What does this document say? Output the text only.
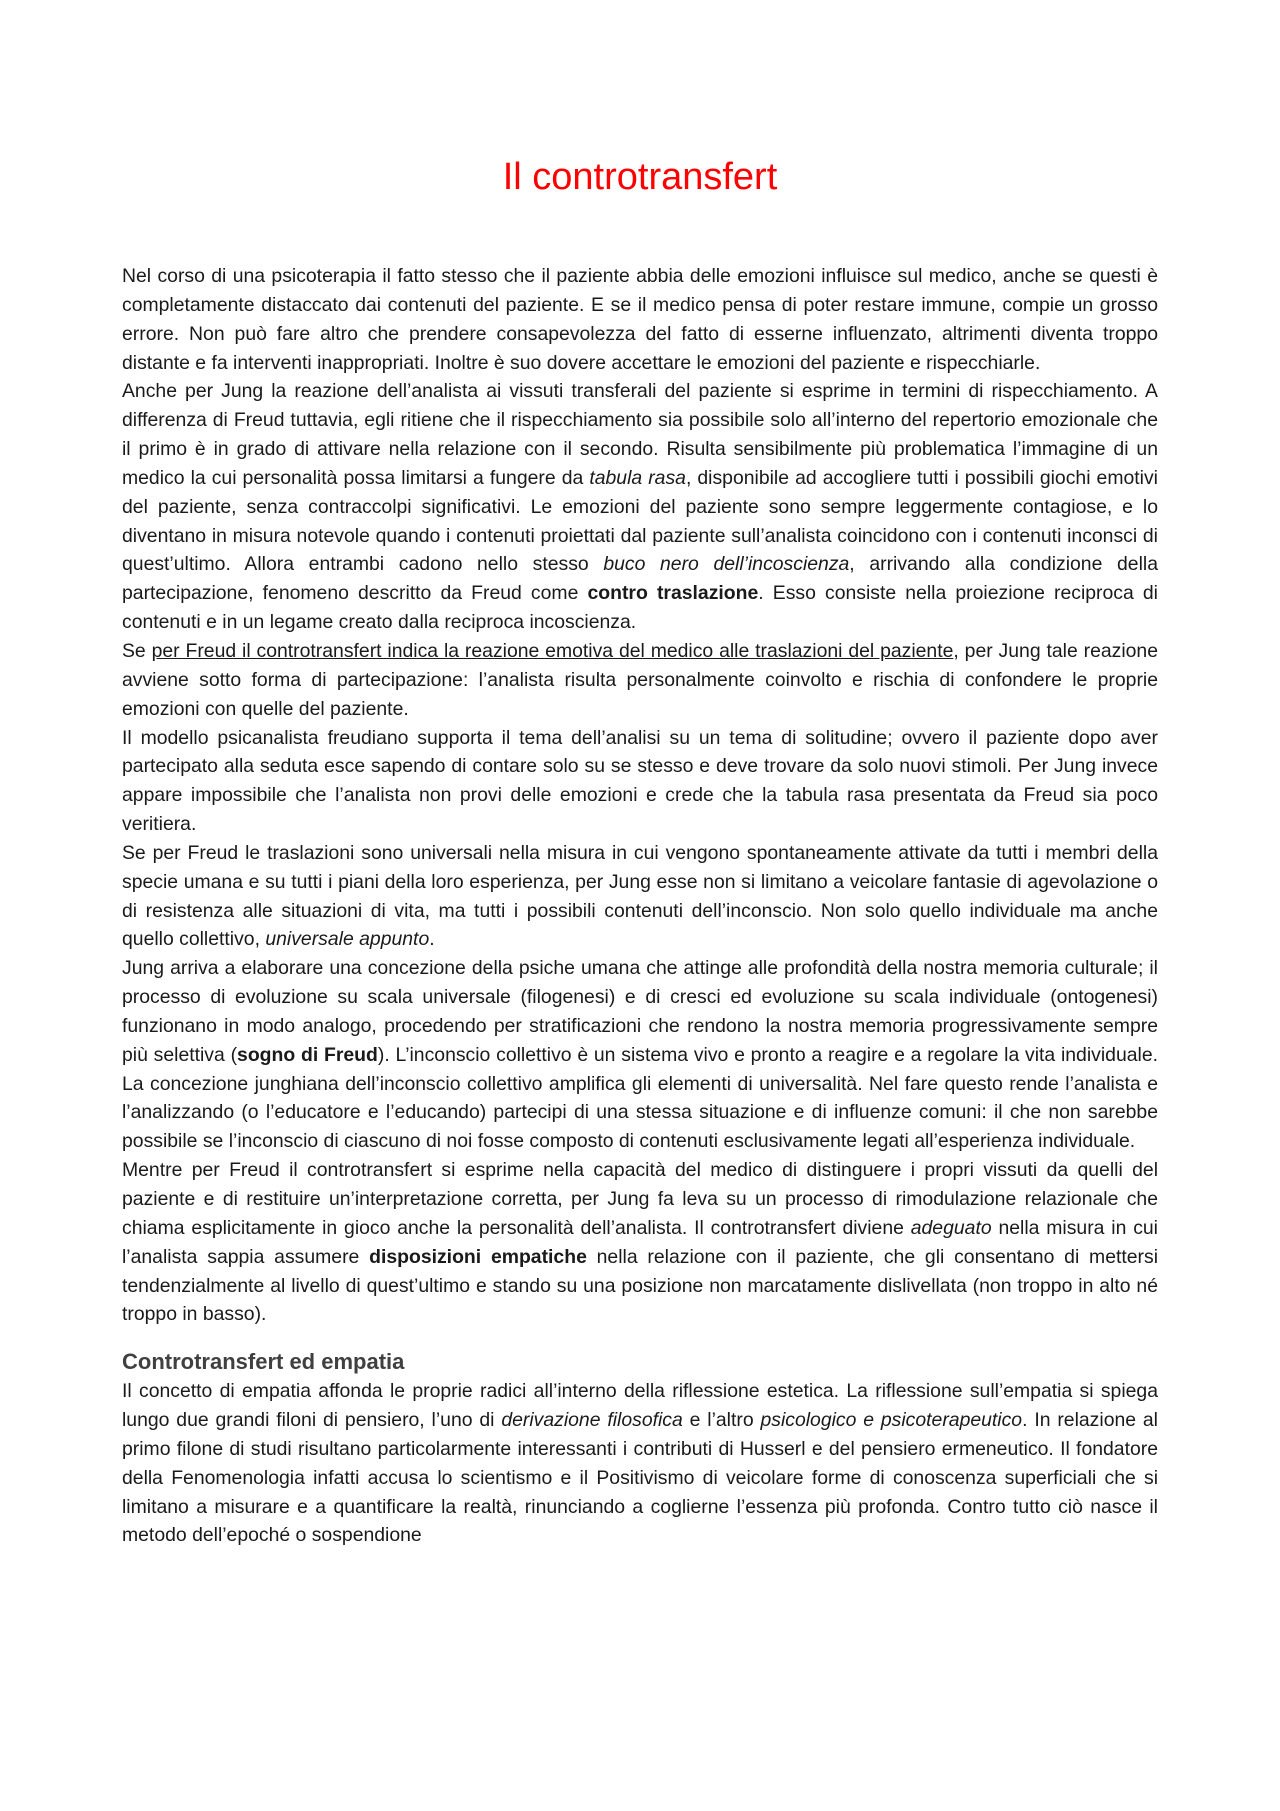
Il controtransfert

Nel corso di una psicoterapia il fatto stesso che il paziente abbia delle emozioni influisce sul medico, anche se questi è completamente distaccato dai contenuti del paziente. E se il medico pensa di poter restare immune, compie un grosso errore. Non può fare altro che prendere consapevolezza del fatto di esserne influenzato, altrimenti diventa troppo distante e fa interventi inappropriati. Inoltre è suo dovere accettare le emozioni del paziente e rispecchiarle.

Anche per Jung la reazione dell’analista ai vissuti transferali del paziente si esprime in termini di rispecchiamento. A differenza di Freud tuttavia, egli ritiene che il rispecchiamento sia possibile solo all’interno del repertorio emozionale che il primo è in grado di attivare nella relazione con il secondo. Risulta sensibilmente più problematica l’immagine di un medico la cui personalità possa limitarsi a fungere da tabula rasa, disponibile ad accogliere tutti i possibili giochi emotivi del paziente, senza contraccolpi significativi. Le emozioni del paziente sono sempre leggermente contagiose, e lo diventano in misura notevole quando i contenuti proiettati dal paziente sull’analista coincidono con i contenuti inconsci di quest’ultimo. Allora entrambi cadono nello stesso buco nero dell’incoscienza, arrivando alla condizione della partecipazione, fenomeno descritto da Freud come contro traslazione. Esso consiste nella proiezione reciproca di contenuti e in un legame creato dalla reciproca incoscienza.

Se per Freud il controtransfert indica la reazione emotiva del medico alle traslazioni del paziente, per Jung tale reazione avviene sotto forma di partecipazione: l’analista risulta personalmente coinvolto e rischia di confondere le proprie emozioni con quelle del paziente.

Il modello psicanalista freudiano supporta il tema dell’analisi su un tema di solitudine; ovvero il paziente dopo aver partecipato alla seduta esce sapendo di contare solo su se stesso e deve trovare da solo nuovi stimoli. Per Jung invece appare impossibile che l’analista non provi delle emozioni e crede che la tabula rasa presentata da Freud sia poco veritiera.

Se per Freud le traslazioni sono universali nella misura in cui vengono spontaneamente attivate da tutti i membri della specie umana e su tutti i piani della loro esperienza, per Jung esse non si limitano a veicolare fantasie di agevolazione o di resistenza alle situazioni di vita, ma tutti i possibili contenuti dell’inconscio. Non solo quello individuale ma anche quello collettivo, universale appunto.

Jung arriva a elaborare una concezione della psiche umana che attinge alle profondità della nostra memoria culturale; il processo di evoluzione su scala universale (filogenesi) e di cresci ed evoluzione su scala individuale (ontogenesi) funzionano in modo analogo, procedendo per stratificazioni che rendono la nostra memoria progressivamente sempre più selettiva (sogno di Freud). L’inconscio collettivo è un sistema vivo e pronto a reagire e a regolare la vita individuale. La concezione junghiana dell’inconscio collettivo amplifica gli elementi di universalità. Nel fare questo rende l’analista e l’analizzando (o l’educatore e l’educando) partecipi di una stessa situazione e di influenze comuni: il che non sarebbe possibile se l’inconscio di ciascuno di noi fosse composto di contenuti esclusivamente legati all’esperienza individuale.

Mentre per Freud il controtransfert si esprime nella capacità del medico di distinguere i propri vissuti da quelli del paziente e di restituire un’interpretazione corretta, per Jung fa leva su un processo di rimodulazione relazionale che chiama esplicitamente in gioco anche la personalità dell’analista. Il controtransfert diviene adeguato nella misura in cui l’analista sappia assumere disposizioni empatiche nella relazione con il paziente, che gli consentano di mettersi tendenzialmente al livello di quest’ultimo e stando su una posizione non marcatamente dislivellata (non troppo in alto né troppo in basso).

Controtransfert ed empatia

Il concetto di empatia affonda le proprie radici all’interno della riflessione estetica. La riflessione sull’empatia si spiega lungo due grandi filoni di pensiero, l’uno di derivazione filosofica e l’altro psicologico e psicoterapeutico. In relazione al primo filone di studi risultano particolarmente interessanti i contributi di Husserl e del pensiero ermeneutico. Il fondatore della Fenomenologia infatti accusa lo scientismo e il Positivismo di veicolare forme di conoscenza superficiali che si limitano a misurare e a quantificare la realtà, rinunciando a coglierne l’essenza più profonda. Contro tutto ciò nasce il metodo dell’epoché o sospendione
